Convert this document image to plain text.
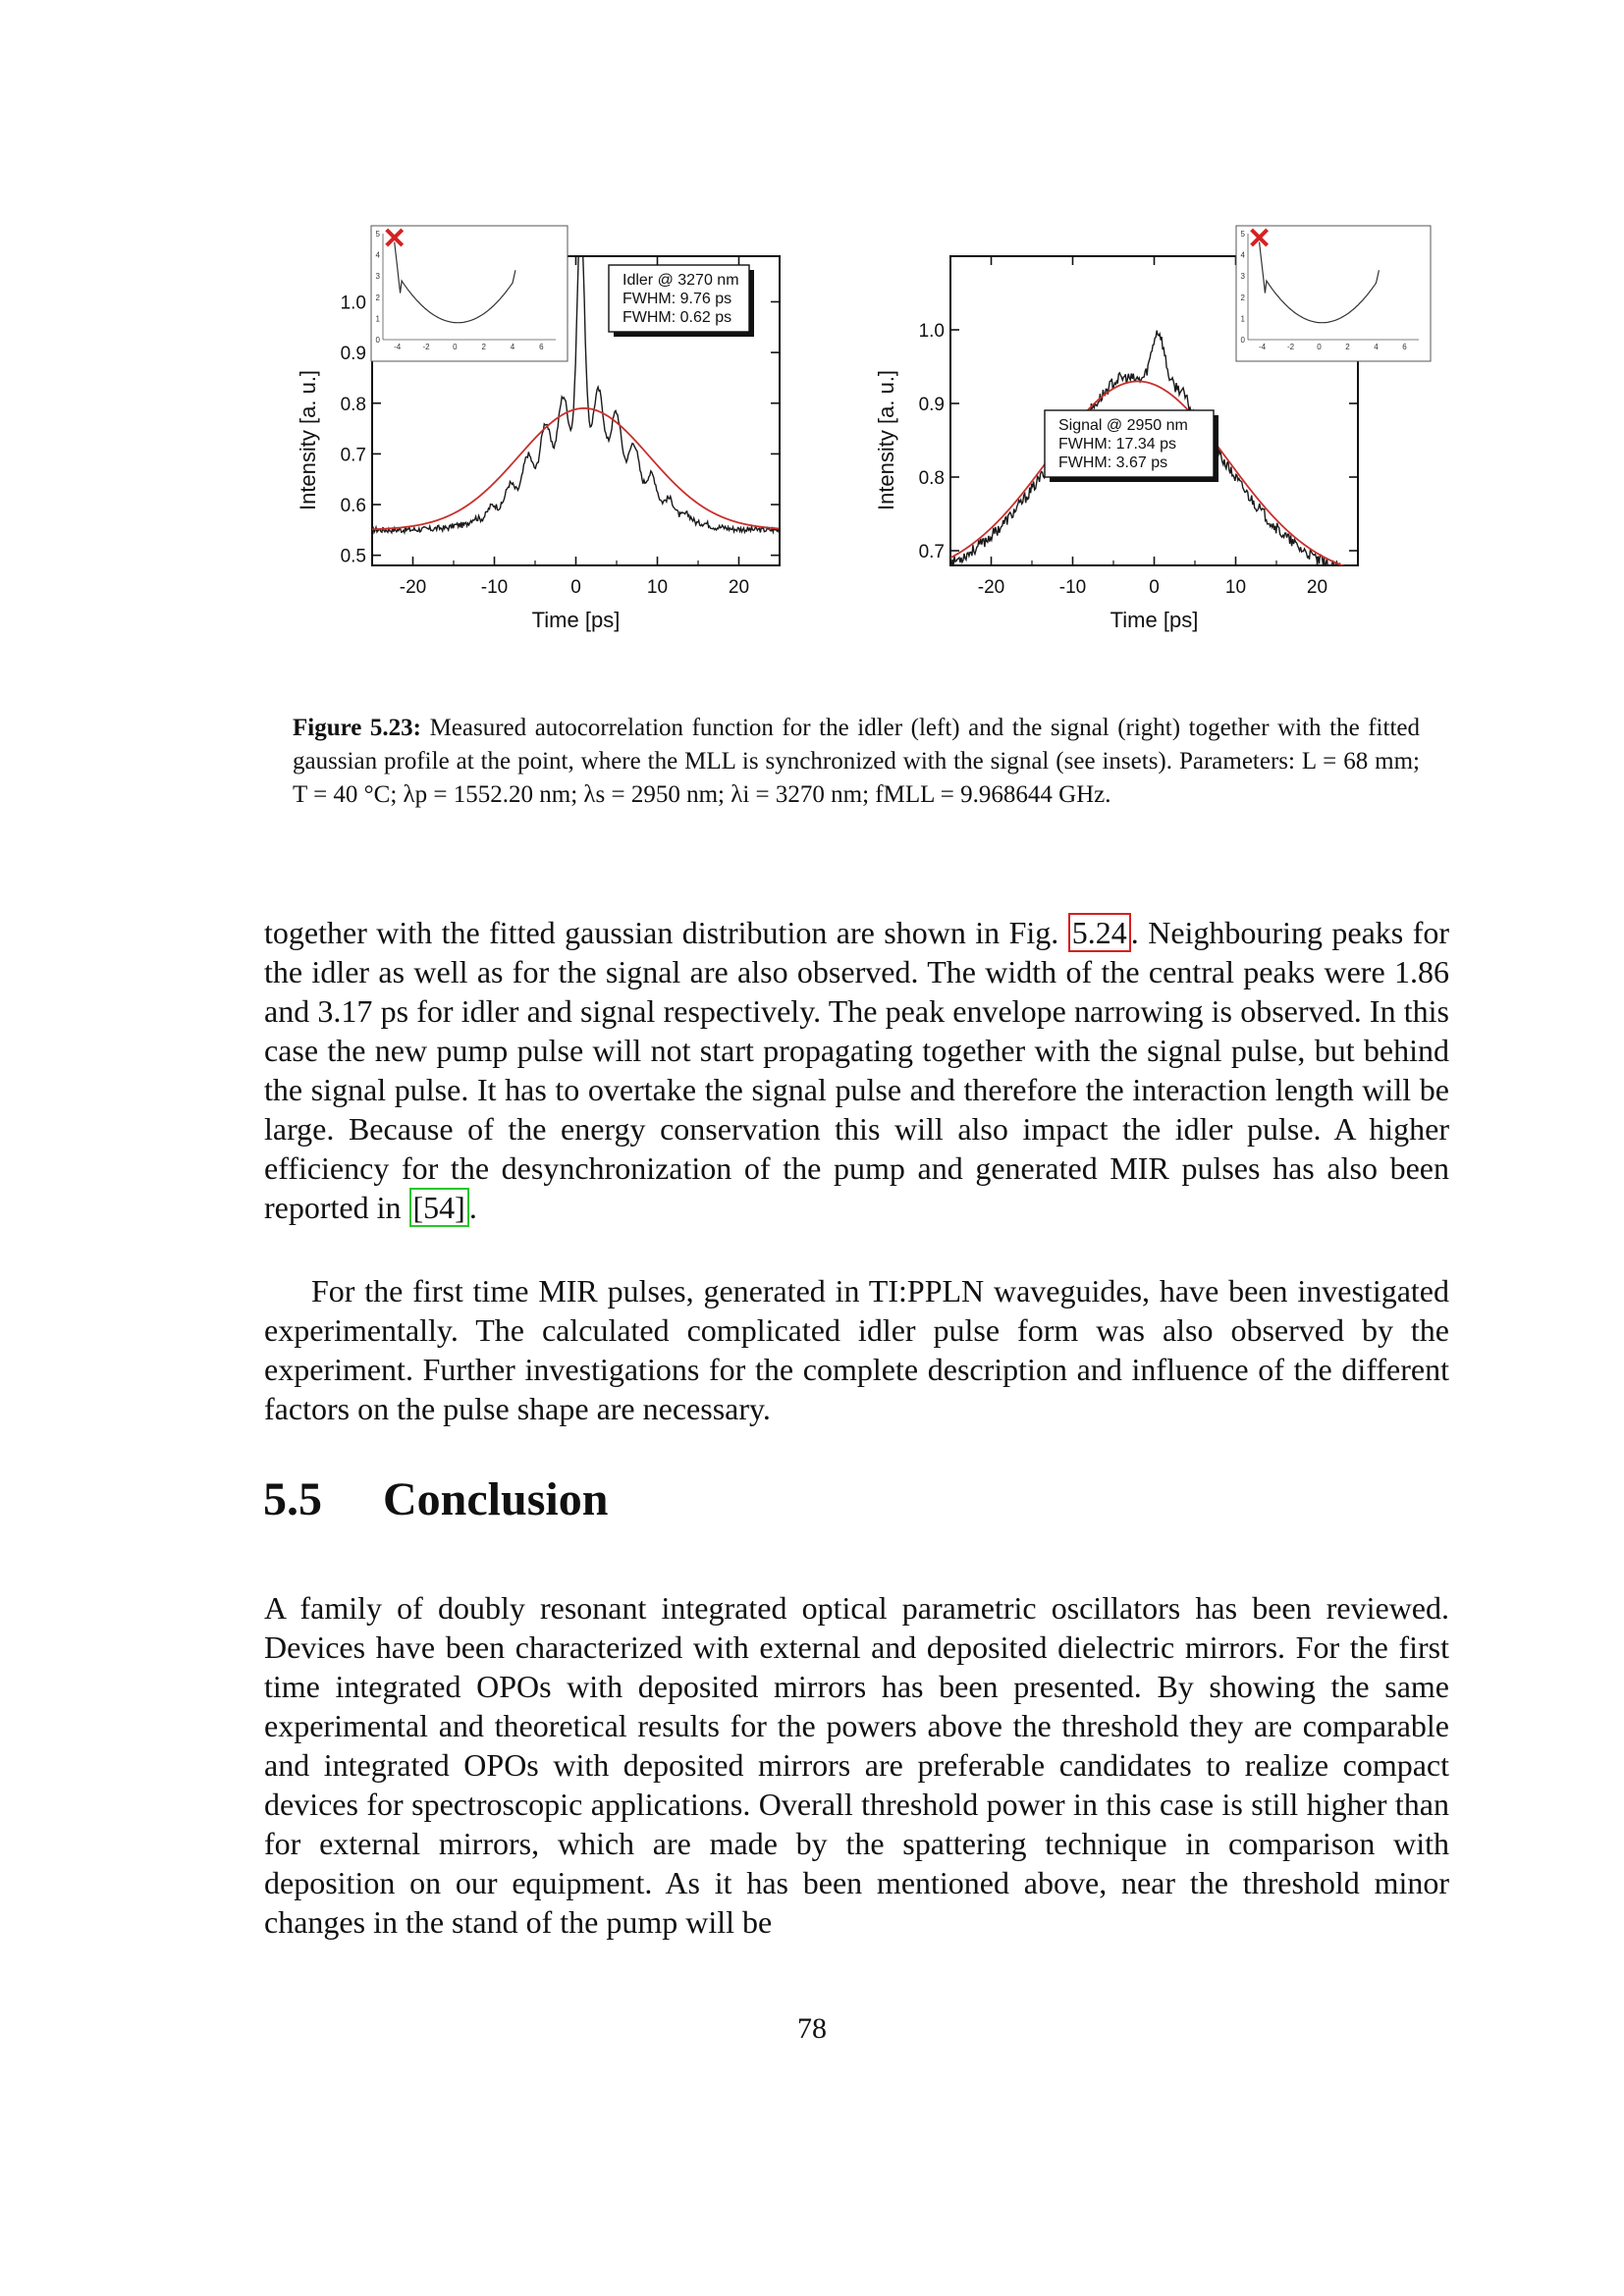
-20	-10	0	10	20
0.5
0.6
0.7
0.8
0.9
1.0
Time [ps]
Intensity [a. u.]
Idler @ 3270 nm
FWHM: 9.76 ps
FWHM: 0.62 ps
-4	-2	0	2	4	6
0
1
2
3
4
5
-20	-10	0	10	20
0.7
0.8
0.9
1.0
Time [ps]
Intensity [a. u.]	Signal @ 2950 nm
FWHM: 17.34 ps
FWHM: 3.67 ps
-4	-2	0	2	4	6
0
1
2
3
4
5
Figure 5.23: Measured autocorrelation function for the idler (left) and the signal (right) together with the fitted gaussian profile at the point, where the MLL is synchronized with the signal (see insets). Parameters: L = 68 mm; T = 40 °C; λp = 1552.20 nm; λs = 2950 nm; λi = 3270 nm; fMLL = 9.968644 GHz.

together with the fitted gaussian distribution are shown in Fig. 5.24 . Neighbouring peaks for the idler as well as for the signal are also observed. The width of the central peaks were 1.86 and 3.17 ps for idler and signal respectively. The peak envelope narrowing is observed. In this case the new pump pulse will not start propagating together with the signal pulse, but behind the signal pulse. It has to overtake the signal pulse and therefore the interaction length will be large. Because of the energy conservation this will also impact the idler pulse. A higher efficiency for the desynchronization of the pump and generated MIR pulses has also been reported in [54] .

For the first time MIR pulses, generated in TI:PPLN waveguides, have been investigated experimentally. The calculated complicated idler pulse form was also observed by the experiment. Further investigations for the complete description and influence of the different factors on the pulse shape are necessary.

5.5 Conclusion

A family of doubly resonant integrated optical parametric oscillators has been reviewed. Devices have been characterized with external and deposited dielectric mirrors. For the first time integrated OPOs with deposited mirrors has been presented. By showing the same experimental and theoretical results for the powers above the threshold they are comparable and integrated OPOs with deposited mirrors are preferable candidates to realize compact devices for spectroscopic applications. Overall threshold power in this case is still higher than for external mirrors, which are made by the spattering technique in comparison with deposition on our equipment. As it has been mentioned above, near the threshold minor changes in the stand of the pump will be

78
